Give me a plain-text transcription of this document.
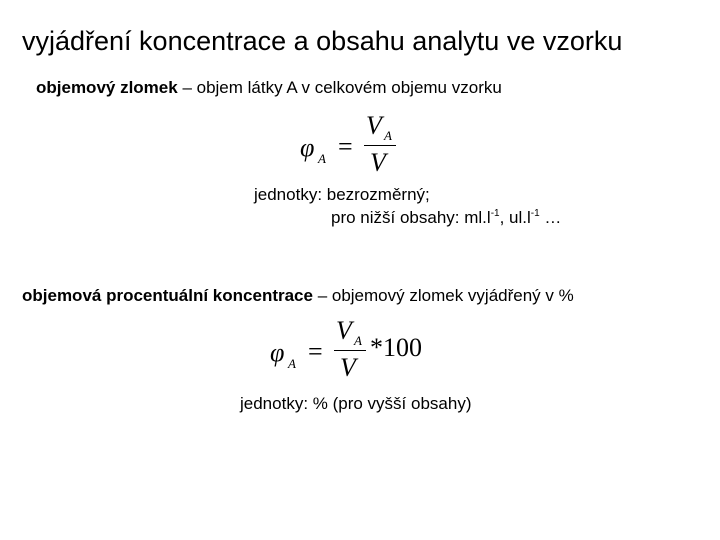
vyjádření koncentrace a obsahu analytu ve vzorku
objemový zlomek – objem látky A v celkovém objemu vzorku
φ A =
V A
V
jednotky: bezrozměrný;
pro nižší obsahy: $ml.l^{-1}$, $ul.l^{-1}$ …
objemová procentuální koncentrace – objemový zlomek vyjádřený v %
φ A =
V A
V
*100
jednotky: % (pro vyšší obsahy)
